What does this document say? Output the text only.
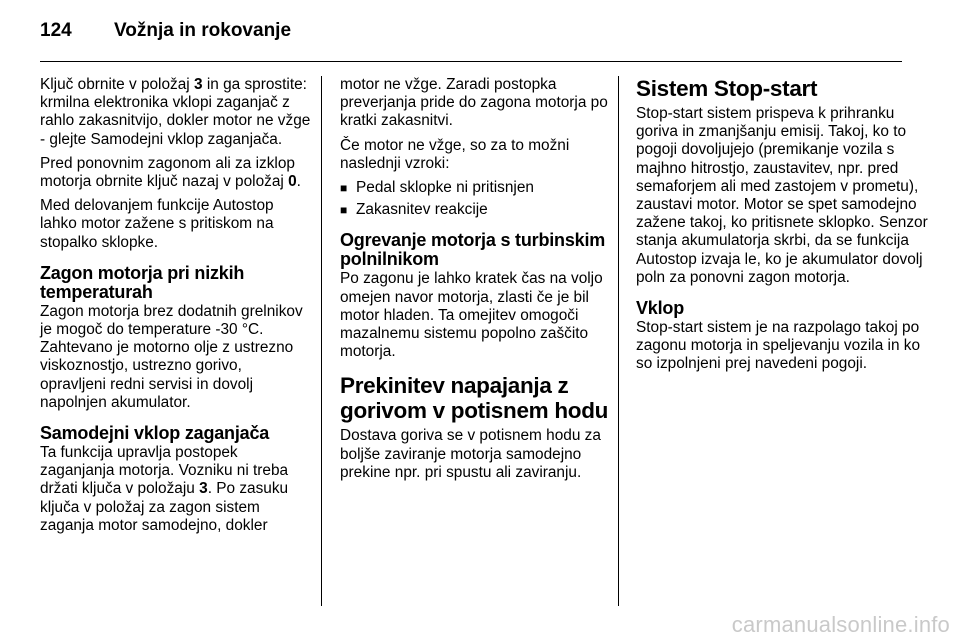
124 Vožnja in rokovanje

Ključ obrnite v položaj 3 in ga sprostite: krmilna elektronika vklopi zaganjač z rahlo zakasnitvijo, dokler motor ne vžge - glejte Samodejni vklop zaganjača.

Pred ponovnim zagonom ali za izklop motorja obrnite ključ nazaj v položaj 0.

Med delovanjem funkcije Autostop lahko motor zažene s pritiskom na stopalko sklopke.

Zagon motorja pri nizkih temperaturah

Zagon motorja brez dodatnih grelnikov je mogoč do temperature -30 °C. Zahtevano je motorno olje z ustrezno viskoznostjo, ustrezno gorivo, opravljeni redni servisi in dovolj napolnjen akumulator.

Samodejni vklop zaganjača

Ta funkcija upravlja postopek zaganjanja motorja. Vozniku ni treba držati ključa v položaju 3. Po zasuku ključa v položaj za zagon sistem zaganja motor samodejno, dokler

motor ne vžge. Zaradi postopka preverjanja pride do zagona motorja po kratki zakasnitvi.

Če motor ne vžge, so za to možni naslednji vzroki:

■ Pedal sklopke ni pritisnjen
■ Zakasnitev reakcije
Ogrevanje motorja s turbinskim polnilnikom

Po zagonu je lahko kratek čas na voljo omejen navor motorja, zlasti če je bil motor hladen. Ta omejitev omogoči mazalnemu sistemu popolno zaščito motorja.

Prekinitev napajanja z gorivom v potisnem hodu

Dostava goriva se v potisnem hodu za boljše zaviranje motorja samodejno prekine npr. pri spustu ali zaviranju.

Sistem Stop-start

Stop-start sistem prispeva k prihranku goriva in zmanjšanju emisij. Takoj, ko to pogoji dovoljujejo (premikanje vozila s majhno hitrostjo, zaustavitev, npr. pred semaforjem ali med zastojem v prometu), zaustavi motor. Motor se spet samodejno zažene takoj, ko pritisnete sklopko. Senzor stanja akumulatorja skrbi, da se funkcija Autostop izvaja le, ko je akumulator dovolj poln za ponovni zagon motorja.

Vklop

Stop-start sistem je na razpolago takoj po zagonu motorja in speljevanju vozila in ko so izpolnjeni prej navedeni pogoji.

carmanualsonline.info
